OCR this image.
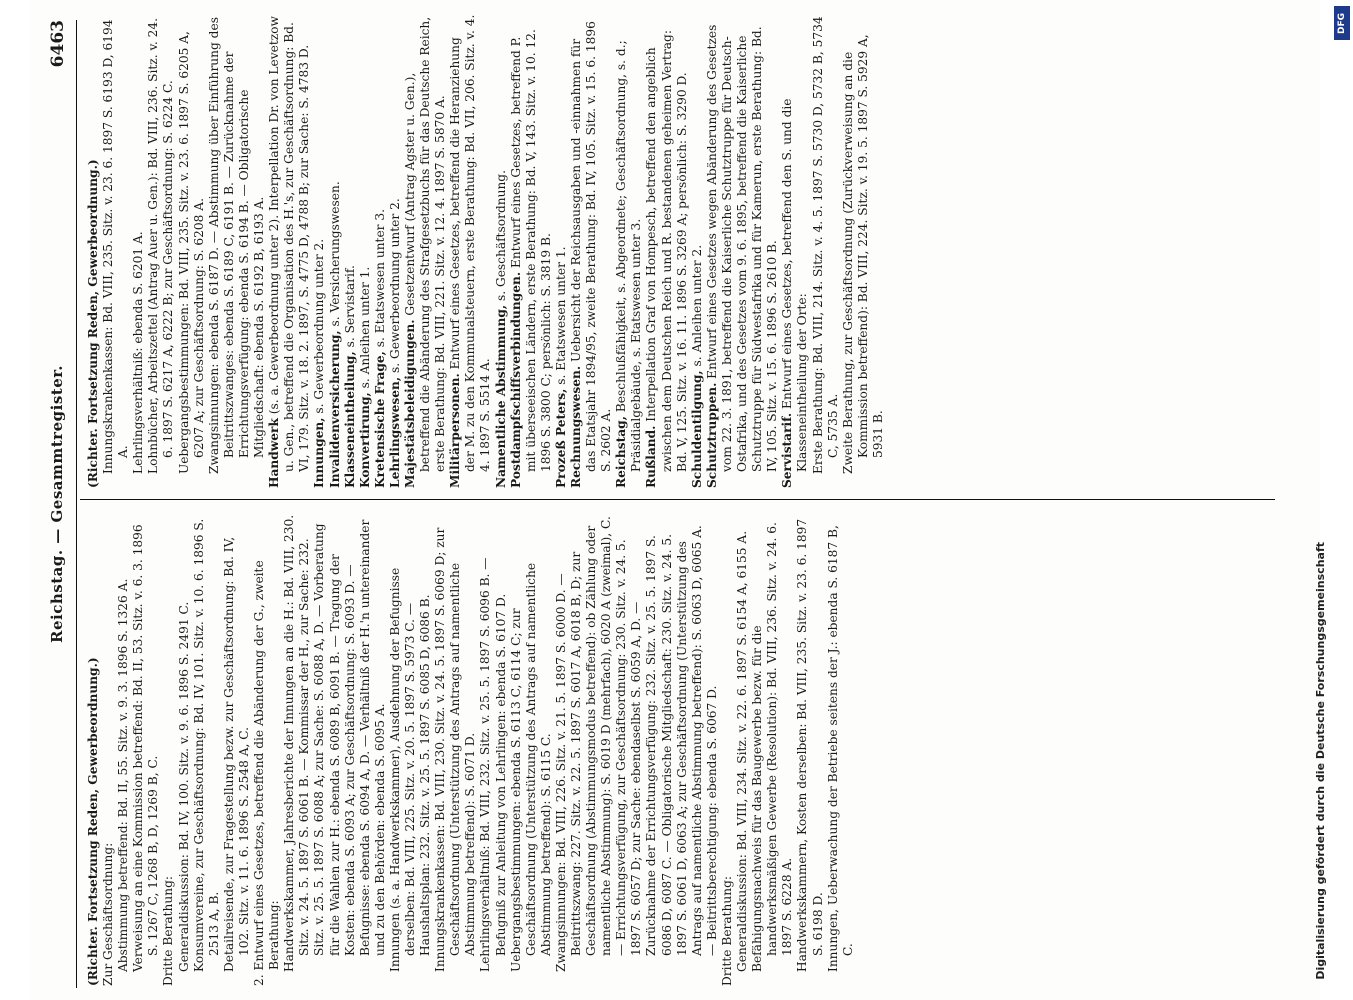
Reichstag. — Gesammtregister.
6463

(Richter. Fortsetzung Reden, Gewerbeordnung.) Zur Geschäftsordnung: Abstimmung betreffend: Bd. II, 55. Sitz. v. 9. 3. 1896 S. 1326 A. Verweisung an eine Kommission betreffend: Bd. II, 53. Sitz. v. 6. 3. 1896 S. 1267 C, 1268 B, D, 1269 B, C. Dritte Berathung: Generaldiskussion: Bd. IV, 100. Sitz. v. 9. 6. 1896 S. 2491 C. Konsumvereine, zur Geschäftsordnung: Bd. IV, 101. Sitz. v. 10. 6. 1896 S. 2513 A, B. Detailreisende, zur Fragestellung bezw. zur Geschäftsordnung: Bd. IV, 102. Sitz. v. 11. 6. 1896 S. 2548 A, C. 2. Entwurf eines Gesetzes, betreffend die Abänderung der G., zweite Berathung: Handwerkskammer, Jahresberichte der Innungen an die H.: Bd. VIII, 230. Sitz. v. 24. 5. 1897 S. 6061 B. — Kommissar der H., zur Sache: 232. Sitz. v. 25. 5. 1897 S. 6088 A; zur Sache: S. 6088 A, D. — Vorberatung für die Wahlen zur H.: ebenda S. 6089 B, 6091 B. — Tragung der Kosten: ebenda S. 6093 A; zur Geschäftsordnung: S. 6093 D. — Befugnisse: ebenda S. 6094 A, D. — Verhältniß der H.'n untereinander und zu den Behörden: ebenda S. 6095 A. Innungen (s. a. Handwerkskammer), Ausdehnung der Befugnisse derselben: Bd. VIII, 225. Sitz. v. 20. 5. 1897 S. 5973 C. — Haushaltsplan: 232. Sitz. v. 25. 5. 1897 S. 6085 D, 6086 B. Innungskrankenkassen: Bd. VIII, 230. Sitz. v. 24. 5. 1897 S. 6069 D; zur Geschäftsordnung (Unterstützung des Antrags auf namentliche Abstimmung betreffend): S. 6071 D. Lehrlingsverhältniß: Bd. VIII, 232. Sitz. v. 25. 5. 1897 S. 6096 B. — Befugniß zur Anleitung von Lehrlingen: ebenda S. 6107 D. Uebergangsbestimmungen: ebenda S. 6113 C, 6114 C; zur Geschäftsordnung (Unterstützung des Antrags auf namentliche Abstimmung betreffend): S. 6115 C. Zwangsinnungen: Bd. VIII, 226. Sitz. v. 21. 5. 1897 S. 6000 D. — Beitrittszwang: 227. Sitz. v. 22. 5. 1897 S. 6017 A, 6018 B, D; zur Geschäftsordnung (Abstimmungsmodus betreffend): ob Zählung oder namentliche Abstimmung): S. 6019 D (mehrfach), 6020 A (zweimal), C. — Errichtungsverfügung, zur Geschäftsordnung: 230. Sitz. v. 24. 5. 1897 S. 6057 D; zur Sache: ebendaselbst S. 6059 A, D. — Zurücknahme der Errichtungsverfügung: 232. Sitz. v. 25. 5. 1897 S. 6086 D, 6087 C. — Obligatorische Mitgliedschaft: 230. Sitz. v. 24. 5. 1897 S. 6061 D, 6063 A; zur Geschäftsordnung (Unterstützung des Antrags auf namentliche Abstimmung betreffend): S. 6063 D, 6065 A. — Beitrittsberechtigung: ebenda S. 6067 D. Dritte Berathung: Generaldiskussion: Bd. VIII, 234. Sitz. v. 22. 6. 1897 S. 6154 A, 6155 A. Befähigungsnachweis für das Baugewerbe bezw. für die handwerksmäßigen Gewerbe (Resolution): Bd. VIII, 236. Sitz. v. 24. 6. 1897 S. 6228 A. Handwerkskammern, Kosten derselben: Bd. VIII, 235. Sitz. v. 23. 6. 1897 S. 6198 D. Innungen, Ueberwachung der Betriebe seitens der J.: ebenda S. 6187 B, C.

(Richter. Fortsetzung Reden, Gewerbeordnung.) Innungskrankenkassen: Bd. VIII, 235. Sitz. v. 23. 6. 1897 S. 6193 D, 6194 A. Lehrlingsverhältniß: ebenda S. 6201 A. Lohnbücher, Arbeitszettel (Antrag Auer u. Gen.): Bd. VIII, 236. Sitz. v. 24. 6. 1897 S. 6217 A, 6222 B; zur Geschäftsordnung: S. 6224 C. Uebergangsbestimmungen: Bd. VIII, 235. Sitz. v. 23. 6. 1897 S. 6205 A, 6207 A; zur Geschäftsordnung: S. 6208 A. Zwangsinnungen: ebenda S. 6187 D. — Abstimmung über Einführung des Beitrittszwanges: ebenda S. 6189 C, 6191 B. — Zurücknahme der Errichtungsverfügung: ebenda S. 6194 B. — Obligatorische Mitgliedschaft: ebenda S. 6192 B, 6193 A. Handwerk (s. a. Gewerbeordnung unter 2). Interpellation Dr. von Levetzow u. Gen., betreffend die Organisation des H.'s, zur Geschäftsordnung: Bd. VI, 179. Sitz. v. 18. 2. 1897, S. 4775 D, 4788 B; zur Sache: S. 4783 D. Innungen, s. Gewerbeordnung unter 2. Invalidenversicherung, s. Versicherungswesen.

Klasseneintheilung, s. Servistarif.

Konvertirung, s. Anleihen unter 1.

Kretensische Frage, s. Etatswesen unter 3.

Lehrlingswesen, s. Gewerbeordnung unter 2.

Majestätsbeleidigungen. Gesetzentwurf (Antrag Agster u. Gen.), betreffend die Abänderung des Strafgesetzbuchs für das Deutsche Reich, erste Berathung: Bd. VIII, 221. Sitz. v. 12. 4. 1897 S. 5870 A. Militärpersonen. Entwurf eines Gesetzes, betreffend die Heranziehung der M. zu den Kommunalsteuern, erste Berathung: Bd. VII, 206. Sitz. v. 4. 4. 1897 S. 5514 A. Namentliche Abstimmung, s. Geschäftsordnung.

Postdampfschiffsverbindungen. Entwurf eines Gesetzes, betreffend P. mit überseeischen Ländern, erste Berathung: Bd. V, 143. Sitz. v. 10. 12. 1896 S. 3800 C; persönlich: S. 3819 B. Prozeß Peters, s. Etatswesen unter 1.

Rechnungswesen. Uebersicht der Reichsausgaben und -einnahmen für das Etatsjahr 1894/95, zweite Berathung: Bd. IV, 105. Sitz. v. 15. 6. 1896 S. 2602 A. Reichstag, Beschlußfähigkeit, s. Abgeordnete; Geschäftsordnung, s. d.; Präsidialgebäude, s. Etatswesen unter 3. Rußland. Interpellation Graf von Hompesch, betreffend den angeblich zwischen dem Deutschen Reich und R. bestandenen geheimen Vertrag: Bd. V, 125. Sitz. v. 16. 11. 1896 S. 3269 A; persönlich: S. 3290 D. Schuldentilgung, s. Anleihen unter 2.

Schutztruppen. Entwurf eines Gesetzes wegen Abänderung des Gesetzes vom 22. 3. 1891, betreffend die Kaiserliche Schutztruppe für Deutsch-Ostafrika, und des Gesetzes vom 9. 6. 1895, betreffend die Kaiserliche Schutztruppe für Südwestafrika und für Kamerun, erste Berathung: Bd. IV, 105. Sitz. v. 15. 6. 1896 S. 2610 B. Servistarif. Entwurf eines Gesetzes, betreffend den S. und die Klasseneintheilung der Orte: Erste Berathung: Bd. VIII, 214. Sitz. v. 4. 5. 1897 S. 5730 D, 5732 B, 5734 C, 5735 A. Zweite Berathung, zur Geschäftsordnung (Zurückverweisung an die Kommission betreffend): Bd. VIII, 224. Sitz. v. 19. 5. 1897 S. 5929 A, 5931 B.

Digitalisierung gefördert durch die Deutsche Forschungsgemeinschaft
DFG
